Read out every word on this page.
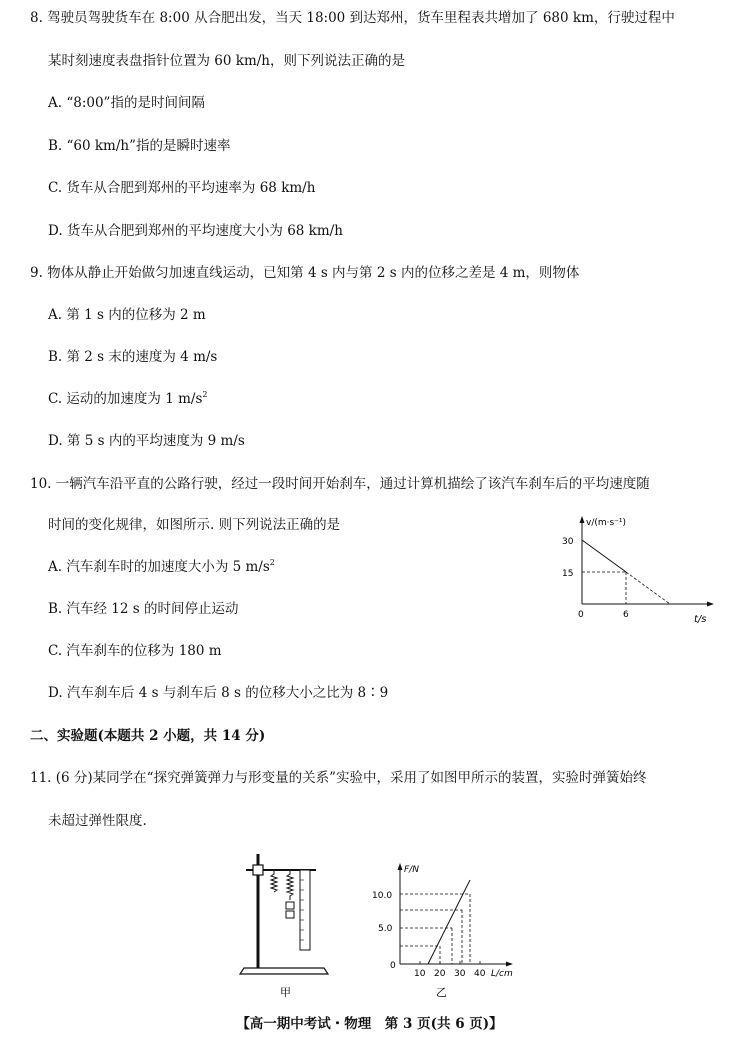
8. 驾驶员驾驶货车在 8:00 从合肥出发，当天 18:00 到达郑州，货车里程表共增加了 680 km，行驶过程中
某时刻速度表盘指针位置为 60 km/h，则下列说法正确的是
A. “8:00”指的是时间间隔
B. “60 km/h”指的是瞬时速率
C. 货车从合肥到郑州的平均速率为 68 km/h
D. 货车从合肥到郑州的平均速度大小为 68 km/h
9. 物体从静止开始做匀加速直线运动，已知第 4 s 内与第 2 s 内的位移之差是 4 m，则物体
A. 第 1 s 内的位移为 2 m
B. 第 2 s 末的速度为 4 m/s
C. 运动的加速度为 1 $m/s^2$
D. 第 5 s 内的平均速度为 9 m/s
10. 一辆汽车沿平直的公路行驶，经过一段时间开始刹车，通过计算机描绘了该汽车刹车后的平均速度随
时间的变化规律，如图所示. 则下列说法正确的是
A. 汽车刹车时的加速度大小为 5 $m/s^2$
B. 汽车经 12 s 的时间停止运动
C. 汽车刹车的位移为 180 m
D. 汽车刹车后 4 s 与刹车后 8 s 的位移大小之比为 8∶9
v/(m·s⁻¹)
30
15
0	6	t/s
二、实验题(本题共 2 小题，共 14 分)
11. (6 分)某同学在“探究弹簧弹力与形变量的关系”实验中，采用了如图甲所示的装置，实验时弹簧始终
未超过弹性限度.
甲
F/N
10.0
5.0
0
10 20 30 40 L/cm
乙
【高一期中考试・物理　第 3 页(共 6 页)】
